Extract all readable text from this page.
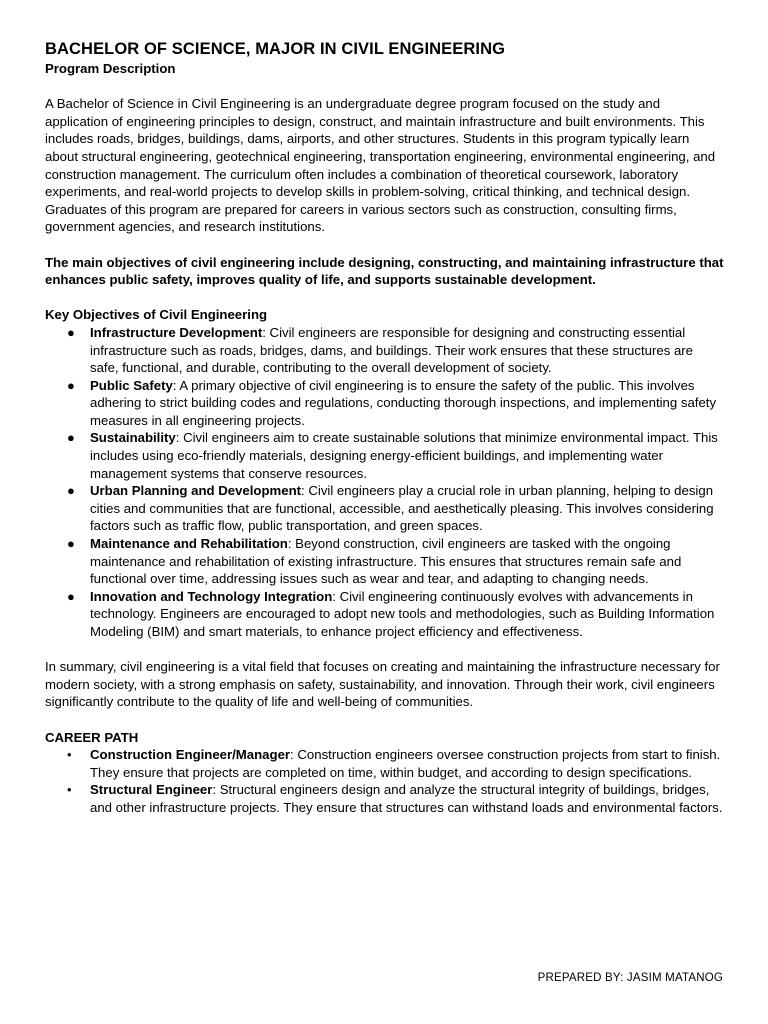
BACHELOR OF SCIENCE, MAJOR IN CIVIL ENGINEERING

Program Description

A Bachelor of Science in Civil Engineering is an undergraduate degree program focused on the study and application of engineering principles to design, construct, and maintain infrastructure and built environments. This includes roads, bridges, buildings, dams, airports, and other structures. Students in this program typically learn about structural engineering, geotechnical engineering, transportation engineering, environmental engineering, and construction management. The curriculum often includes a combination of theoretical coursework, laboratory experiments, and real-world projects to develop skills in problem-solving, critical thinking, and technical design. Graduates of this program are prepared for careers in various sectors such as construction, consulting firms, government agencies, and research institutions.

The main objectives of civil engineering include designing, constructing, and maintaining infrastructure that enhances public safety, improves quality of life, and supports sustainable development.

Key Objectives of Civil Engineering

● Infrastructure Development: Civil engineers are responsible for designing and constructing essential infrastructure such as roads, bridges, dams, and buildings. Their work ensures that these structures are safe, functional, and durable, contributing to the overall development of society.
● Public Safety: A primary objective of civil engineering is to ensure the safety of the public. This involves adhering to strict building codes and regulations, conducting thorough inspections, and implementing safety measures in all engineering projects.
● Sustainability: Civil engineers aim to create sustainable solutions that minimize environmental impact. This includes using eco-friendly materials, designing energy-efficient buildings, and implementing water management systems that conserve resources.
● Urban Planning and Development: Civil engineers play a crucial role in urban planning, helping to design cities and communities that are functional, accessible, and aesthetically pleasing. This involves considering factors such as traffic flow, public transportation, and green spaces.
● Maintenance and Rehabilitation: Beyond construction, civil engineers are tasked with the ongoing maintenance and rehabilitation of existing infrastructure. This ensures that structures remain safe and functional over time, addressing issues such as wear and tear, and adapting to changing needs.
● Innovation and Technology Integration: Civil engineering continuously evolves with advancements in technology. Engineers are encouraged to adopt new tools and methodologies, such as Building Information Modeling (BIM) and smart materials, to enhance project efficiency and effectiveness.

In summary, civil engineering is a vital field that focuses on creating and maintaining the infrastructure necessary for modern society, with a strong emphasis on safety, sustainability, and innovation. Through their work, civil engineers significantly contribute to the quality of life and well-being of communities.

CAREER PATH

• Construction Engineer/Manager: Construction engineers oversee construction projects from start to finish. They ensure that projects are completed on time, within budget, and according to design specifications.
• Structural Engineer: Structural engineers design and analyze the structural integrity of buildings, bridges, and other infrastructure projects. They ensure that structures can withstand loads and environmental factors.
PREPARED BY: JASIM MATANOG
